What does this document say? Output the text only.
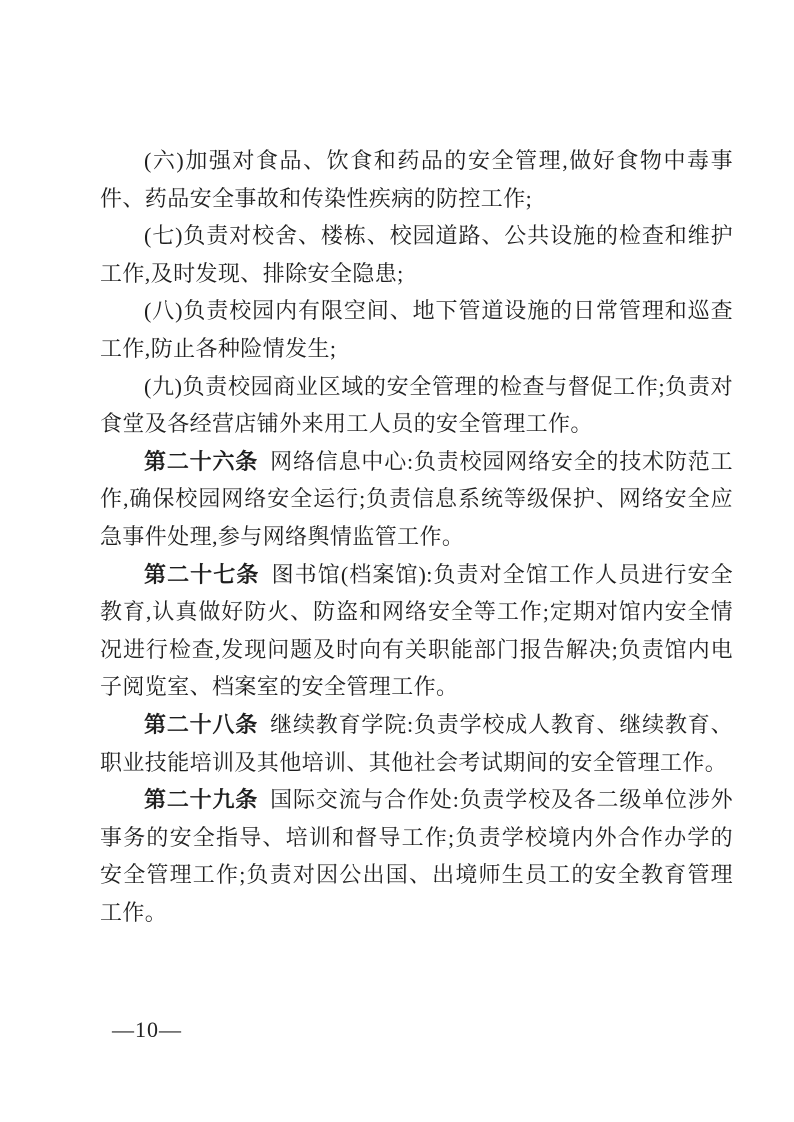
(六)加强对食品、饮食和药品的安全管理,做好食物中毒事件、药品安全事故和传染性疾病的防控工作;

(七)负责对校舍、楼栋、校园道路、公共设施的检查和维护工作,及时发现、排除安全隐患;

(八)负责校园内有限空间、地下管道设施的日常管理和巡查工作,防止各种险情发生;

(九)负责校园商业区域的安全管理的检查与督促工作;负责对食堂及各经营店铺外来用工人员的安全管理工作。

第二十六条 网络信息中心:负责校园网络安全的技术防范工作,确保校园网络安全运行;负责信息系统等级保护、网络安全应急事件处理,参与网络舆情监管工作。

第二十七条 图书馆(档案馆):负责对全馆工作人员进行安全教育,认真做好防火、防盗和网络安全等工作;定期对馆内安全情况进行检查,发现问题及时向有关职能部门报告解决;负责馆内电子阅览室、档案室的安全管理工作。

第二十八条 继续教育学院:负责学校成人教育、继续教育、职业技能培训及其他培训、其他社会考试期间的安全管理工作。

第二十九条 国际交流与合作处:负责学校及各二级单位涉外事务的安全指导、培训和督导工作;负责学校境内外合作办学的安全管理工作;负责对因公出国、出境师生员工的安全教育管理工作。

—10—
